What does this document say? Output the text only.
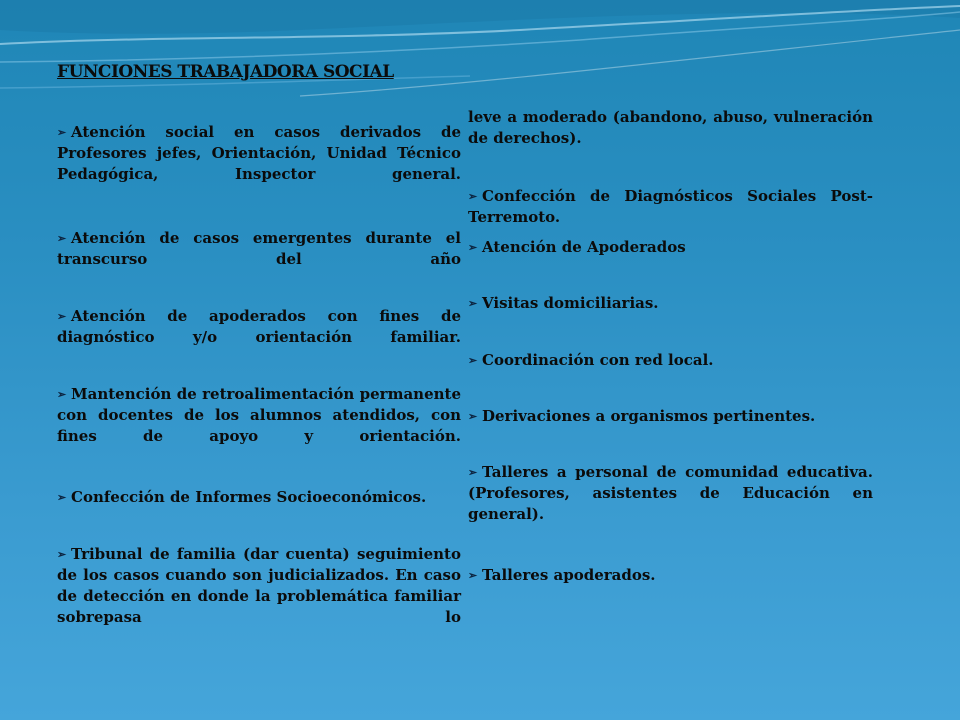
FUNCIONES TRABAJADORA SOCIAL
➢ Atención social en casos derivados de Profesores jefes, Orientación, Unidad Técnico Pedagógica, Inspector general.
➢ Atención de casos emergentes durante el transcurso del año
➢ Atención de apoderados con fines de diagnóstico y/o orientación familiar.
➢ Mantención de retroalimentación permanente con docentes de los alumnos atendidos, con fines de apoyo y orientación.
➢ Confección de Informes Socioeconómicos.
➢ Tribunal de familia (dar cuenta) seguimiento de los casos cuando son judicializados. En caso de detección en donde la problemática familiar sobrepasa lo
leve a moderado (abandono, abuso, vulneración de derechos).
➢ Confección de Diagnósticos Sociales Post-Terremoto.
➢ Atención de Apoderados
➢ Visitas domiciliarias.
➢ Coordinación con red local.
➢ Derivaciones a organismos pertinentes.
➢ Talleres a personal de comunidad educativa. (Profesores, asistentes de Educación en general).
➢ Talleres apoderados.
